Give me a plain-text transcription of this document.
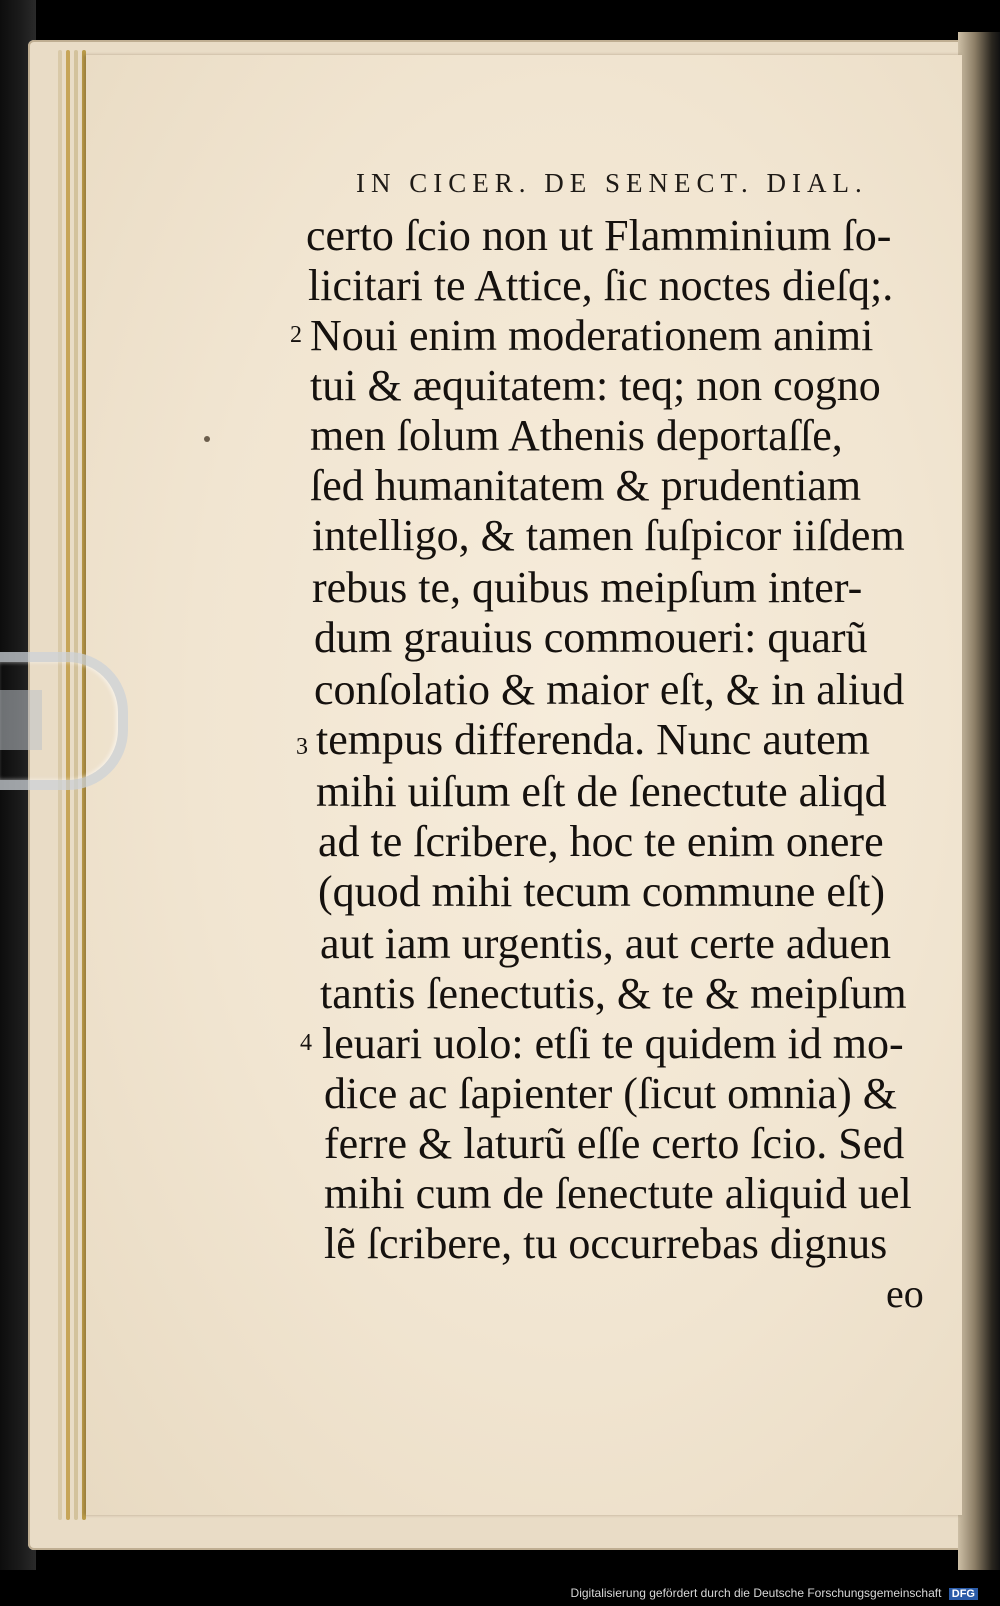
IN CICER. DE SENECT. DIAL.
certo ſcio non ut Flamminium ſo-
licitari te Attice, ſic noctes dieſq;.
Noui enim moderationem animi
tui & æquitatem: teq; non cogno
men ſolum Athenis deportaſſe,
ſed humanitatem & prudentiam
intelligo, & tamen ſuſpicor iiſdem
rebus te, quibus meipſum inter-
dum grauius commoueri: quarũ
conſolatio & maior eſt, & in aliud
tempus differenda. Nunc autem
mihi uiſum eſt de ſenectute aliqd
ad te ſcribere, hoc te enim onere
(quod mihi tecum commune eſt)
aut iam urgentis, aut certe aduen
tantis ſenectutis, & te & meipſum
leuari uolo: etſi te quidem id mo-
dice ac ſapienter (ſicut omnia) &
ferre & laturũ eſſe certo ſcio. Sed
mihi cum de ſenectute aliquid uel
lẽ ſcribere, tu occurrebas dignus
2
3
4
eo
Digitalisierung gefördert durch die Deutsche Forschungsgemeinschaft DFG
